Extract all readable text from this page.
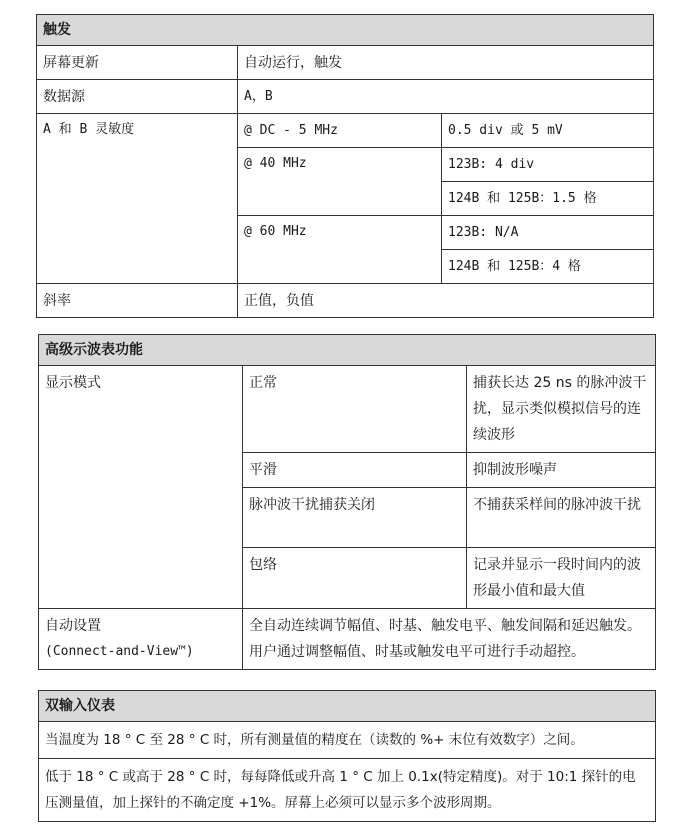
触发		
屏幕更新	自动运行，触发	
数据源	A，B	
A 和 B 灵敏度	@ DC - 5 MHz	0.5 div 或 5 mV
	@ 40 MHz	123B: 4 div
		124B 和 125B：1.5 格
	@ 60 MHz	123B: N/A
		124B 和 125B：4 格
斜率	正值，负值	
高级示波表功能		
显示模式	正常	捕获长达 25 ns 的脉冲波干扰，显示类似模拟信号的连续波形
	平滑	抑制波形噪声
	脉冲波干扰捕获关闭	不捕获采样间的脉冲波干扰
	包络	记录并显示一段时间内的波形最小值和最大值

自动设置
(Connect-and-View™)	全自动连续调节幅值、时基、触发电平、触发间隔和延迟触发。用户通过调整幅值、时基或触发电平可进行手动超控。	
双输入仪表
当温度为 18 ° C 至 28 ° C 时，所有测量值的精度在（读数的 %+ 末位有效数字）之间。
低于 18 ° C 或高于 28 ° C 时，每每降低或升高 1 ° C 加上 0.1x(特定精度)。对于 10:1 探针的电压测量值，加上探针的不确定度 +1%。屏幕上必须可以显示多个波形周期。
